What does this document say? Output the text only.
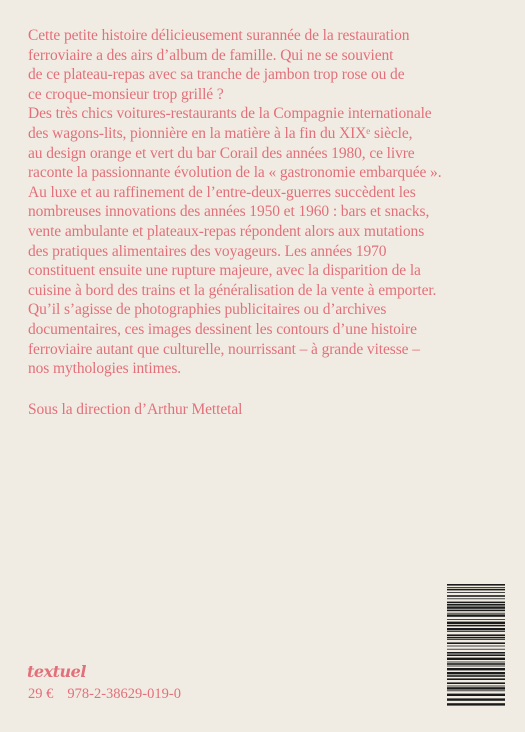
Cette petite histoire délicieusement surannée de la restauration
ferroviaire a des airs d’album de famille. Qui ne se souvient
de ce plateau-repas avec sa tranche de jambon trop rose ou de
ce croque-monsieur trop grillé ?
Des très chics voitures-restaurants de la Compagnie internationale
des wagons-lits, pionnière en la matière à la fin du XIXᵉ siècle,
au design orange et vert du bar Corail des années 1980, ce livre
raconte la passionnante évolution de la « gastronomie embarquée ».
Au luxe et au raffinement de l’entre-deux-guerres succèdent les
nombreuses innovations des années 1950 et 1960 : bars et snacks,
vente ambulante et plateaux-repas répondent alors aux mutations
des pratiques alimentaires des voyageurs. Les années 1970
constituent ensuite une rupture majeure, avec la disparition de la
cuisine à bord des trains et la généralisation de la vente à emporter.
Qu’il s’agisse de photographies publicitaires ou d’archives
documentaires, ces images dessinent les contours d’une histoire
ferroviaire autant que culturelle, nourrissant – à grande vitesse –
nos mythologies intimes.

Sous la direction d’Arthur Mettetal

textuel
29 € 978-2-38629-019-0
